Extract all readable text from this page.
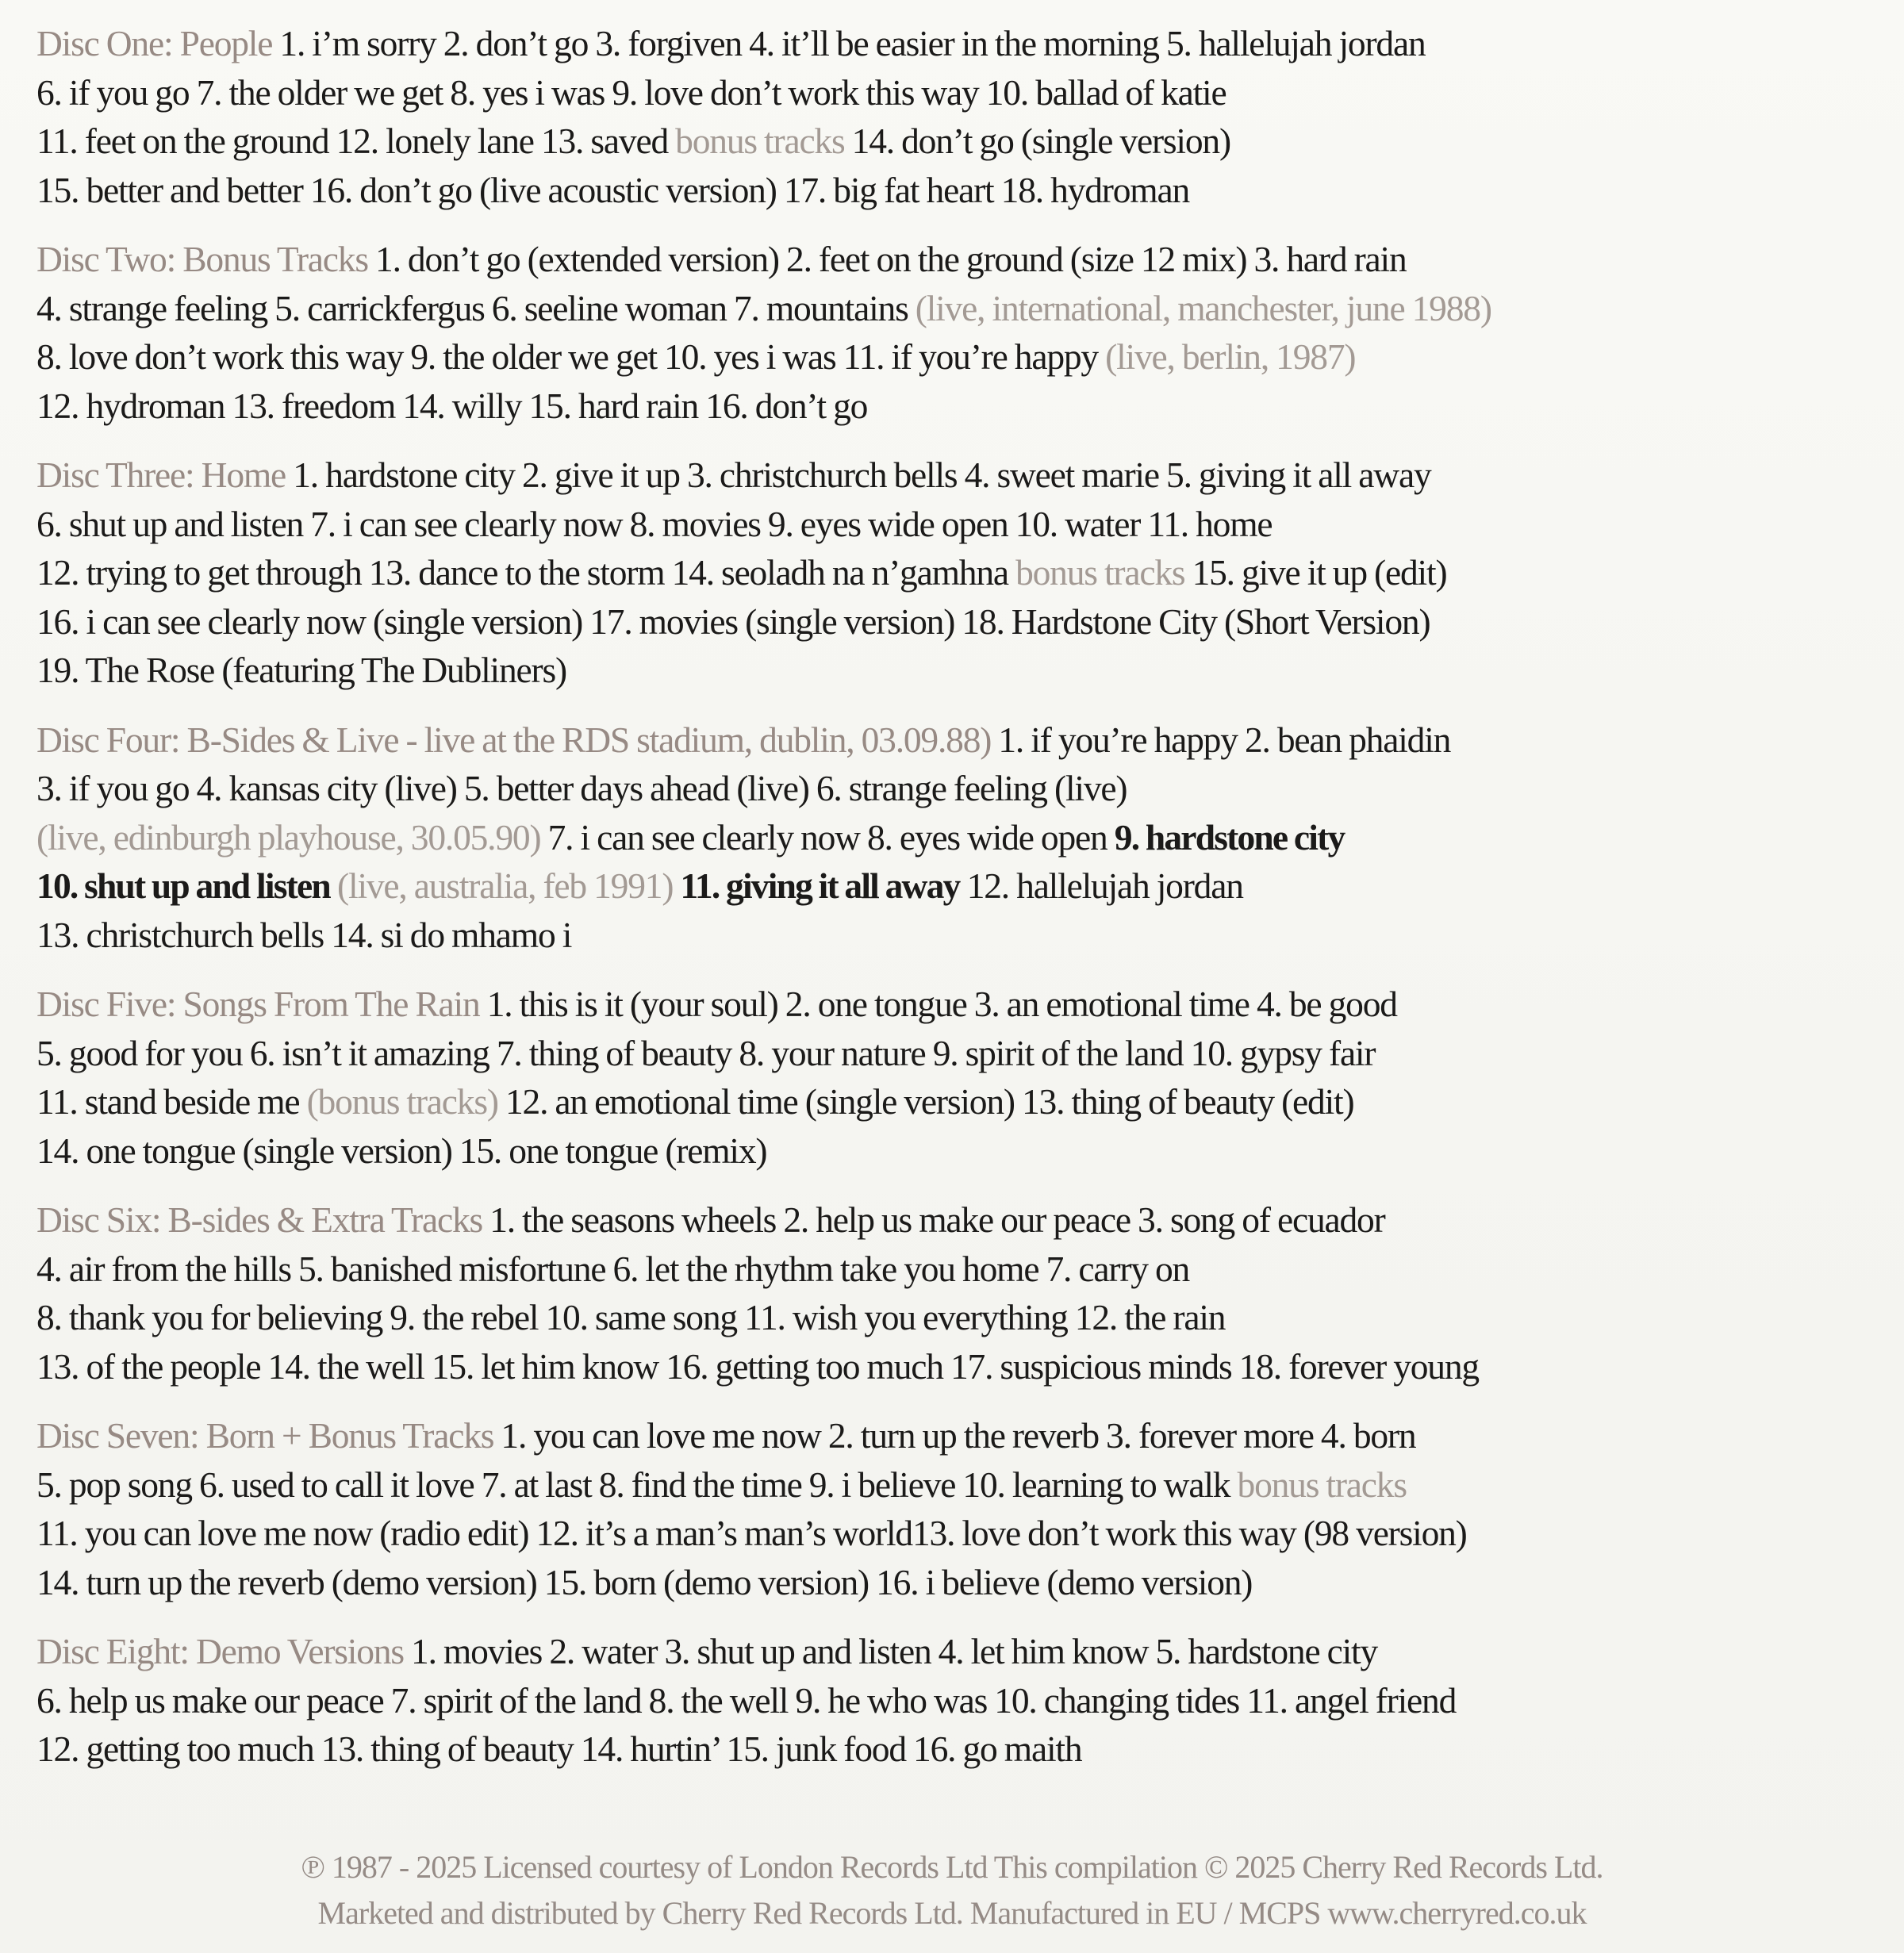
Disc One: People 1. i’m sorry 2. don’t go 3. forgiven 4. it’ll be easier in the morning 5. hallelujah jordan
6. if you go 7. the older we get 8. yes i was 9. love don’t work this way 10. ballad of katie
11. feet on the ground 12. lonely lane 13. saved bonus tracks 14. don’t go (single version)
15. better and better 16. don’t go (live acoustic version) 17. big fat heart 18. hydroman
Disc Two: Bonus Tracks 1. don’t go (extended version) 2. feet on the ground (size 12 mix) 3. hard rain
4. strange feeling 5. carrickfergus 6. seeline woman 7. mountains (live, international, manchester, june 1988)
8. love don’t work this way 9. the older we get 10. yes i was 11. if you’re happy (live, berlin, 1987)
12. hydroman 13. freedom 14. willy 15. hard rain 16. don’t go
Disc Three: Home 1. hardstone city 2. give it up 3. christchurch bells 4. sweet marie 5. giving it all away
6. shut up and listen 7. i can see clearly now 8. movies 9. eyes wide open 10. water 11. home
12. trying to get through 13. dance to the storm 14. seoladh na n’gamhna bonus tracks 15. give it up (edit)
16. i can see clearly now (single version) 17. movies (single version) 18. Hardstone City (Short Version)
19. The Rose (featuring The Dubliners)
Disc Four: B-Sides & Live - live at the RDS stadium, dublin, 03.09.88) 1. if you’re happy 2. bean phaidin
3. if you go 4. kansas city (live) 5. better days ahead (live) 6. strange feeling (live)
(live, edinburgh playhouse, 30.05.90) 7. i can see clearly now 8. eyes wide open 9. hardstone city
10. shut up and listen (live, australia, feb 1991) 11. giving it all away 12. hallelujah jordan
13. christchurch bells 14. si do mhamo i
Disc Five: Songs From The Rain 1. this is it (your soul) 2. one tongue 3. an emotional time 4. be good
5. good for you 6. isn’t it amazing 7. thing of beauty 8. your nature 9. spirit of the land 10. gypsy fair
11. stand beside me (bonus tracks) 12. an emotional time (single version) 13. thing of beauty (edit)
14. one tongue (single version) 15. one tongue (remix)
Disc Six: B-sides & Extra Tracks 1. the seasons wheels 2. help us make our peace 3. song of ecuador
4. air from the hills 5. banished misfortune 6. let the rhythm take you home 7. carry on
8. thank you for believing 9. the rebel 10. same song 11. wish you everything 12. the rain
13. of the people 14. the well 15. let him know 16. getting too much 17. suspicious minds 18. forever young
Disc Seven: Born + Bonus Tracks 1. you can love me now 2. turn up the reverb 3. forever more 4. born
5. pop song 6. used to call it love 7. at last 8. find the time 9. i believe 10. learning to walk bonus tracks
11. you can love me now (radio edit) 12. it’s a man’s man’s world13. love don’t work this way (98 version)
14. turn up the reverb (demo version) 15. born (demo version) 16. i believe (demo version)
Disc Eight: Demo Versions 1. movies 2. water 3. shut up and listen 4. let him know 5. hardstone city
6. help us make our peace 7. spirit of the land 8. the well 9. he who was 10. changing tides 11. angel friend
12. getting too much 13. thing of beauty 14. hurtin’ 15. junk food 16. go maith
℗ 1987 - 2025 Licensed courtesy of London Records Ltd This compilation © 2025 Cherry Red Records Ltd.
Marketed and distributed by Cherry Red Records Ltd. Manufactured in EU / MCPS www.cherryred.co.uk
